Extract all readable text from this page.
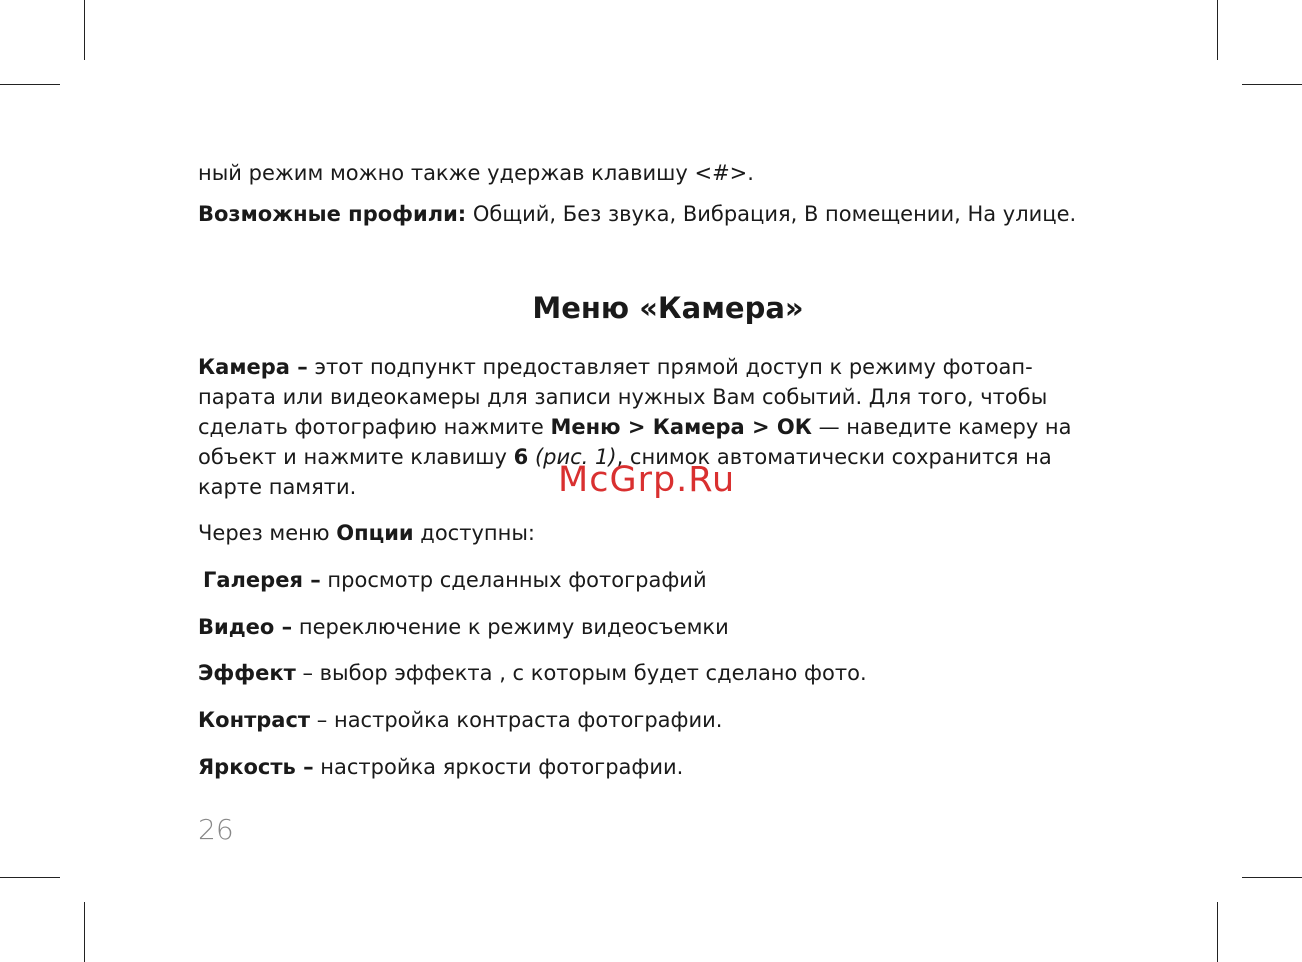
ный режим можно также удержав клавишу <#>.
Возможные профили: Общий, Без звука, Вибрация, В помещении, На улице.
Меню «Камера»
Камера – этот подпункт предоставляет прямой доступ к режиму фотоап-
парата или видеокамеры для записи нужных Вам событий. Для того, чтобы
сделать фотографию нажмите Меню > Камера > ОК — наведите камеру на
объект и нажмите клавишу 6 (рис. 1), снимок автоматически сохранится на
карте памяти.	McGrp.Ru
Через меню Опции доступны:
Галерея – просмотр сделанных фотографий
Видео – переключение к режиму видеосъемки
Эффект – выбор эффекта , с которым будет сделано фото.
Контраст – настройка контраста фотографии.
Яркость – настройка яркости фотографии.
26
